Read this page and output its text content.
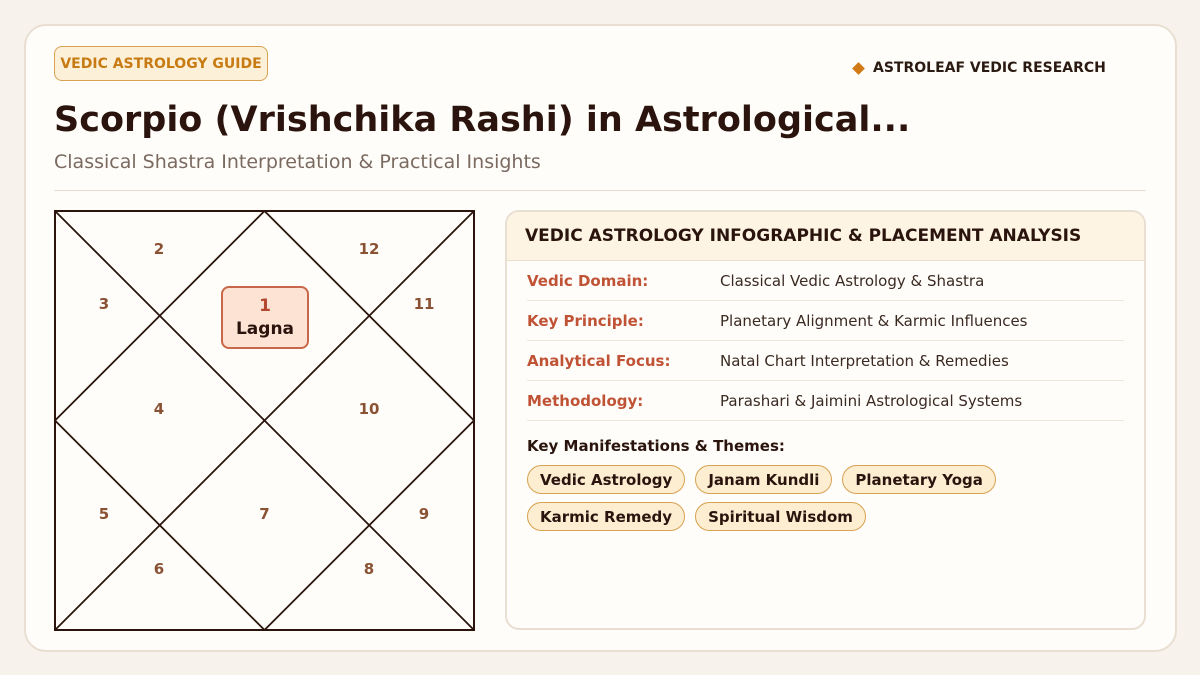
VEDIC ASTROLOGY GUIDE	ASTROLEAF VEDIC RESEARCH
Scorpio (Vrishchika Rashi) in Astrological...
Classical Shastra Interpretation & Practical Insights
2	12
3	11
4	10
5	7	9
6	8
1
Lagna
VEDIC ASTROLOGY INFOGRAPHIC & PLACEMENT ANALYSIS
Vedic Domain:	Classical Vedic Astrology & Shastra
Key Principle:	Planetary Alignment & Karmic Influences
Analytical Focus:	Natal Chart Interpretation & Remedies
Methodology:	Parashari & Jaimini Astrological Systems
Key Manifestations & Themes:
Vedic Astrology	Janam Kundli	Planetary Yoga
Karmic Remedy	Spiritual Wisdom
